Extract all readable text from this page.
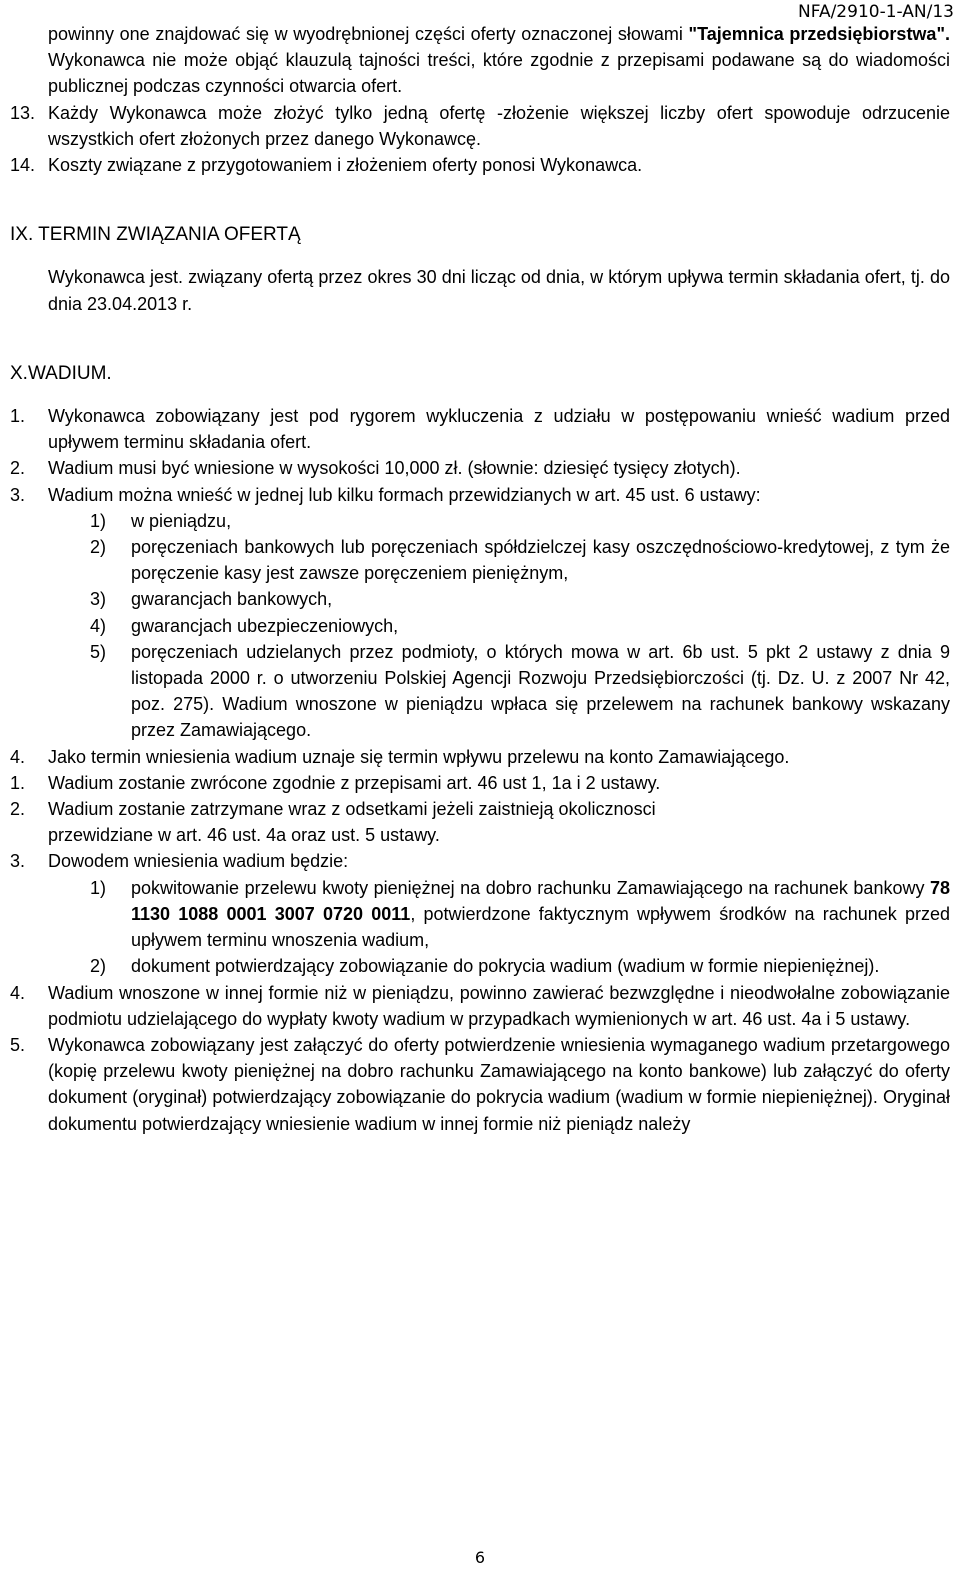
NFA/2910-1-AN/13
powinny one znajdować się w wyodrębnionej części oferty oznaczonej słowami "Tajemnica przedsiębiorstwa". Wykonawca nie może objąć klauzulą tajności treści, które zgodnie z przepisami podawane są do wiadomości publicznej podczas czynności otwarcia ofert.
13. Każdy Wykonawca może złożyć tylko jedną ofertę -złożenie większej liczby ofert spowoduje odrzucenie wszystkich ofert złożonych przez danego Wykonawcę.
14. Koszty związane z przygotowaniem i złożeniem oferty ponosi Wykonawca.
IX. TERMIN ZWIĄZANIA OFERTĄ
Wykonawca jest. związany ofertą przez okres 30 dni licząc od dnia, w którym upływa termin składania ofert, tj. do dnia 23.04.2013 r.
X.WADIUM.
1.	Wykonawca zobowiązany jest pod rygorem wykluczenia z udziału w postępowaniu wnieść wadium przed upływem terminu składania ofert.
2.	Wadium musi być wniesione w wysokości 10,000 zł. (słownie: dziesięć tysięcy złotych).
3.	Wadium można wnieść w jednej lub kilku formach przewidzianych w art. 45 ust. 6 ustawy:
1)	w pieniądzu,
2)	poręczeniach bankowych lub poręczeniach spółdzielczej kasy oszczędnościowo-kredytowej, z tym że poręczenie kasy jest zawsze poręczeniem pieniężnym,
3)	gwarancjach bankowych,
4)	gwarancjach ubezpieczeniowych,
5)	poręczeniach udzielanych przez podmioty, o których mowa w art. 6b ust. 5 pkt 2 ustawy z dnia 9 listopada 2000 r. o utworzeniu Polskiej Agencji Rozwoju Przedsiębiorczości (tj. Dz. U. z 2007 Nr 42, poz. 275). Wadium wnoszone w pieniądzu wpłaca się przelewem na rachunek bankowy wskazany przez Zamawiającego.
4.	Jako termin wniesienia wadium uznaje się termin wpływu przelewu na konto Zamawiającego.
1.	Wadium zostanie zwrócone zgodnie z przepisami art. 46 ust 1, 1a i 2 ustawy.
2.	Wadium zostanie zatrzymane wraz z odsetkami jeżeli zaistnieją okolicznosci
przewidziane w art. 46 ust. 4a oraz ust. 5 ustawy.
3.	Dowodem wniesienia wadium będzie:
1)	pokwitowanie przelewu kwoty pieniężnej na dobro rachunku Zamawiającego na rachunek bankowy 78 1130 1088 0001 3007 0720 0011, potwierdzone faktycznym wpływem środków na rachunek przed upływem terminu wnoszenia wadium,
2)	dokument potwierdzający zobowiązanie do pokrycia wadium (wadium w formie niepieniężnej).
4.	Wadium wnoszone w innej formie niż w pieniądzu, powinno zawierać bezwzględne i nieodwołalne zobowiązanie podmiotu udzielającego do wypłaty kwoty wadium w przypadkach wymienionych w art. 46 ust. 4a i 5 ustawy.
5.	Wykonawca zobowiązany jest załączyć do oferty potwierdzenie wniesienia wymaganego wadium przetargowego (kopię przelewu kwoty pieniężnej na dobro rachunku Zamawiającego na konto bankowe) lub załączyć do oferty dokument (oryginał) potwierdzający zobowiązanie do pokrycia wadium (wadium w formie niepieniężnej). Oryginał dokumentu potwierdzający wniesienie wadium w innej formie niż pieniądz należy
6
